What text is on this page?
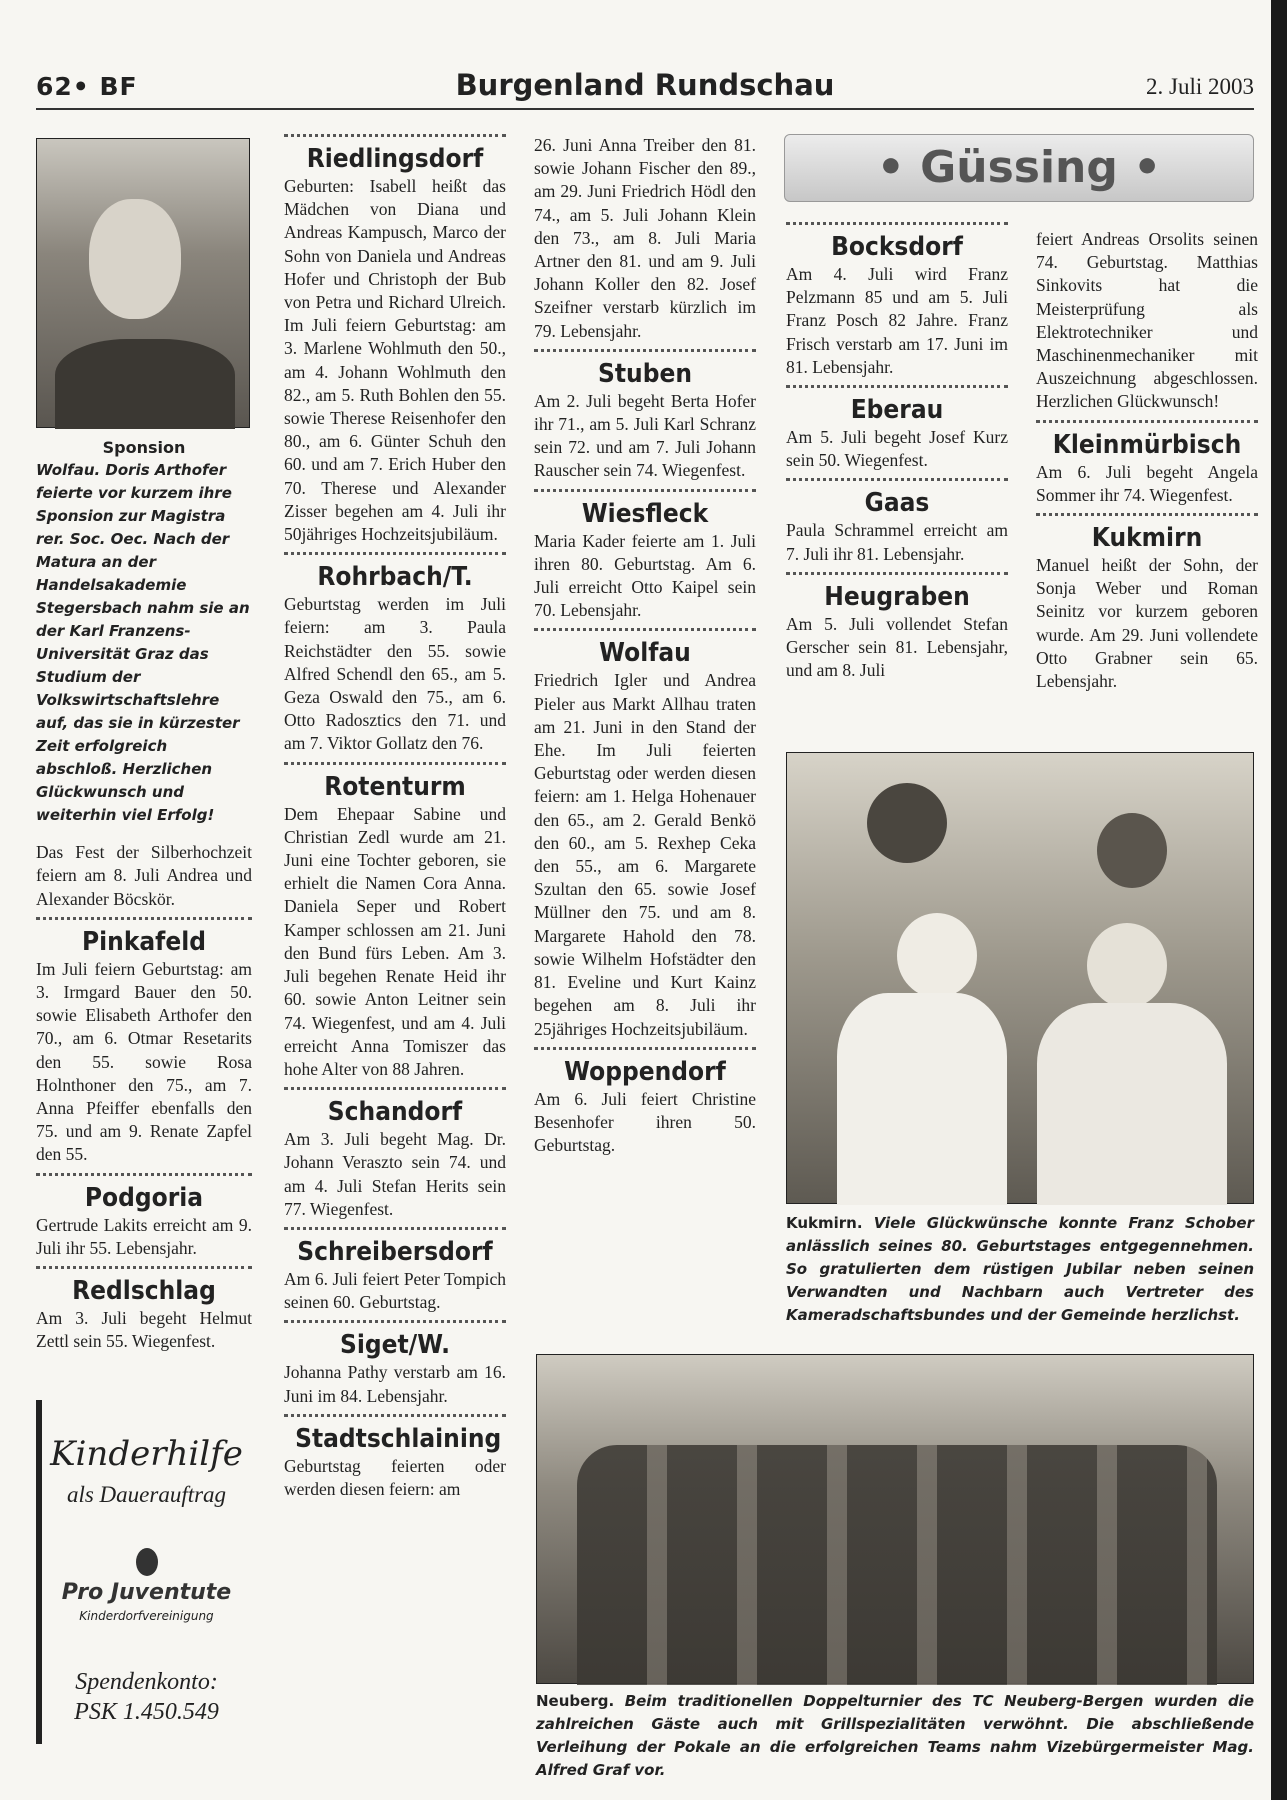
62• BF	Burgenland Rundschau	2. Juli 2003
Sponsion

Wolfau. Doris Arthofer feierte vor kurzem ihre Sponsion zur Magistra rer. Soc. Oec. Nach der Matura an der Handelsakademie Stegersbach nahm sie an der Karl Franzens-Universität Graz das Studium der Volkswirtschaftslehre auf, das sie in kürzester Zeit erfolgreich abschloß. Herzlichen Glückwunsch und weiterhin viel Erfolg!

Das Fest der Silberhochzeit feiern am 8. Juli Andrea und Alexander Böcskör.

Pinkafeld

Im Juli feiern Geburtstag: am 3. Irmgard Bauer den 50. sowie Elisabeth Arthofer den 70., am 6. Otmar Resetarits den 55. sowie Rosa Holnthoner den 75., am 7. Anna Pfeiffer ebenfalls den 75. und am 9. Renate Zapfel den 55.

Podgoria

Gertrude Lakits erreicht am 9. Juli ihr 55. Lebensjahr.

Redlschlag

Am 3. Juli begeht Helmut Zettl sein 55. Wiegenfest.

Kinderhilfe
als Dauerauftrag
Pro Juventute
Kinderdorfvereinigung
Spendenkonto:
PSK 1.450.549
Riedlingsdorf

Geburten: Isabell heißt das Mädchen von Diana und Andreas Kampusch, Marco der Sohn von Daniela und Andreas Hofer und Christoph der Bub von Petra und Richard Ulreich. Im Juli feiern Geburtstag: am 3. Marlene Wohlmuth den 50., am 4. Johann Wohlmuth den 82., am 5. Ruth Bohlen den 55. sowie Therese Reisenhofer den 80., am 6. Günter Schuh den 60. und am 7. Erich Huber den 70. Therese und Alexander Zisser begehen am 4. Juli ihr 50jähriges Hochzeitsjubiläum.

Rohrbach/T.

Geburtstag werden im Juli feiern: am 3. Paula Reichstädter den 55. sowie Alfred Schendl den 65., am 5. Geza Oswald den 75., am 6. Otto Radosztics den 71. und am 7. Viktor Gollatz den 76.

Rotenturm

Dem Ehepaar Sabine und Christian Zedl wurde am 21. Juni eine Tochter geboren, sie erhielt die Namen Cora Anna. Daniela Seper und Robert Kamper schlossen am 21. Juni den Bund fürs Leben. Am 3. Juli begehen Renate Heid ihr 60. sowie Anton Leitner sein 74. Wiegenfest, und am 4. Juli erreicht Anna Tomiszer das hohe Alter von 88 Jahren.

Schandorf

Am 3. Juli begeht Mag. Dr. Johann Veraszto sein 74. und am 4. Juli Stefan Herits sein 77. Wiegenfest.

Schreibersdorf

Am 6. Juli feiert Peter Tompich seinen 60. Geburtstag.

Siget/W.

Johanna Pathy verstarb am 16. Juni im 84. Lebensjahr.

Stadtschlaining

Geburtstag feierten oder werden diesen feiern: am

26. Juni Anna Treiber den 81. sowie Johann Fischer den 89., am 29. Juni Friedrich Hödl den 74., am 5. Juli Johann Klein den 73., am 8. Juli Maria Artner den 81. und am 9. Juli Johann Koller den 82. Josef Szeifner verstarb kürzlich im 79. Lebensjahr.

Stuben

Am 2. Juli begeht Berta Hofer ihr 71., am 5. Juli Karl Schranz sein 72. und am 7. Juli Johann Rauscher sein 74. Wiegenfest.

Wiesfleck

Maria Kader feierte am 1. Juli ihren 80. Geburtstag. Am 6. Juli erreicht Otto Kaipel sein 70. Lebensjahr.

Wolfau

Friedrich Igler und Andrea Pieler aus Markt Allhau traten am 21. Juni in den Stand der Ehe. Im Juli feierten Geburtstag oder werden diesen feiern: am 1. Helga Hohenauer den 65., am 2. Gerald Benkö den 60., am 5. Rexhep Ceka den 55., am 6. Margarete Szultan den 65. sowie Josef Müllner den 75. und am 8. Margarete Hahold den 78. sowie Wilhelm Hofstädter den 81. Eveline und Kurt Kainz begehen am 8. Juli ihr 25jähriges Hochzeitsjubiläum.

Woppendorf

Am 6. Juli feiert Christine Besenhofer ihren 50. Geburtstag.

• Güssing •
Bocksdorf

Am 4. Juli wird Franz Pelzmann 85 und am 5. Juli Franz Posch 82 Jahre. Franz Frisch verstarb am 17. Juni im 81. Lebensjahr.

Eberau

Am 5. Juli begeht Josef Kurz sein 50. Wiegenfest.

Gaas

Paula Schrammel erreicht am 7. Juli ihr 81. Lebensjahr.

Heugraben

Am 5. Juli vollendet Stefan Gerscher sein 81. Lebensjahr, und am 8. Juli

feiert Andreas Orsolits seinen 74. Geburtstag. Matthias Sinkovits hat die Meisterprüfung als Elektrotechniker und Maschinenmechaniker mit Auszeichnung abgeschlossen. Herzlichen Glückwunsch!

Kleinmürbisch

Am 6. Juli begeht Angela Sommer ihr 74. Wiegenfest.

Kukmirn

Manuel heißt der Sohn, der Sonja Weber und Roman Seinitz vor kurzem geboren wurde. Am 29. Juni vollendete Otto Grabner sein 65. Lebensjahr.

Kukmirn. Viele Glückwünsche konnte Franz Schober anlässlich seines 80. Geburtstages entgegennehmen. So gratulierten dem rüstigen Jubilar neben seinen Verwandten und Nachbarn auch Vertreter des Kameradschaftsbundes und der Gemeinde herzlichst.
Neuberg. Beim traditionellen Doppelturnier des TC Neuberg-Bergen wurden die zahlreichen Gäste auch mit Grillspezialitäten verwöhnt. Die abschließende Verleihung der Pokale an die erfolgreichen Teams nahm Vizebürgermeister Mag. Alfred Graf vor.
